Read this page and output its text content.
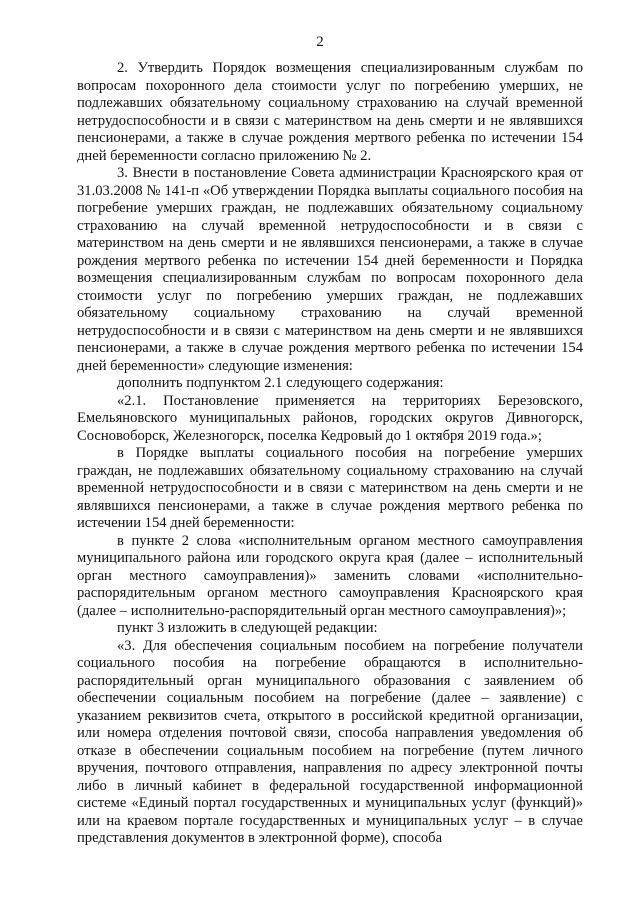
2

2. Утвердить Порядок возмещения специализированным службам по вопросам похоронного дела стоимости услуг по погребению умерших, не подлежавших обязательному социальному страхованию на случай временной нетрудоспособности и в связи с материнством на день смерти и не являвшихся пенсионерами, а также в случае рождения мертвого ребенка по истечении 154 дней беременности согласно приложению № 2.

3. Внести в постановление Совета администрации Красноярского края от 31.03.2008 № 141-п «Об утверждении Порядка выплаты социального пособия на погребение умерших граждан, не подлежавших обязательному социальному страхованию на случай временной нетрудоспособности и в связи с материнством на день смерти и не являвшихся пенсионерами, а также в случае рождения мертвого ребенка по истечении 154 дней беременности и Порядка возмещения специализированным службам по вопросам похоронного дела стоимости услуг по погребению умерших граждан, не подлежавших обязательному социальному страхованию на случай временной нетрудоспособности и в связи с материнством на день смерти и не являвшихся пенсионерами, а также в случае рождения мертвого ребенка по истечении 154 дней беременности» следующие изменения:

дополнить подпунктом 2.1 следующего содержания:

«2.1. Постановление применяется на территориях Березовского, Емельяновского муниципальных районов, городских округов Дивногорск, Сосновоборск, Железногорск, поселка Кедровый до 1 октября 2019 года.»;

в Порядке выплаты социального пособия на погребение умерших граждан, не подлежавших обязательному социальному страхованию на случай временной нетрудоспособности и в связи с материнством на день смерти и не являвшихся пенсионерами, а также в случае рождения мертвого ребенка по истечении 154 дней беременности:

в пункте 2 слова «исполнительным органом местного самоуправления муниципального района или городского округа края (далее – исполнительный орган местного самоуправления)» заменить словами «исполнительно-распорядительным органом местного самоуправления Красноярского края (далее – исполнительно-распорядительный орган местного самоуправления)»;

пункт 3 изложить в следующей редакции:

«3. Для обеспечения социальным пособием на погребение получатели социального пособия на погребение обращаются в исполнительно-распорядительный орган муниципального образования с заявлением об обеспечении социальным пособием на погребение (далее – заявление) с указанием реквизитов счета, открытого в российской кредитной организации, или номера отделения почтовой связи, способа направления уведомления об отказе в обеспечении социальным пособием на погребение (путем личного вручения, почтового отправления, направления по адресу электронной почты либо в личный кабинет в федеральной государственной информационной системе «Единый портал государственных и муниципальных услуг (функций)» или на краевом портале государственных и муниципальных услуг – в случае представления документов в электронной форме), способа
